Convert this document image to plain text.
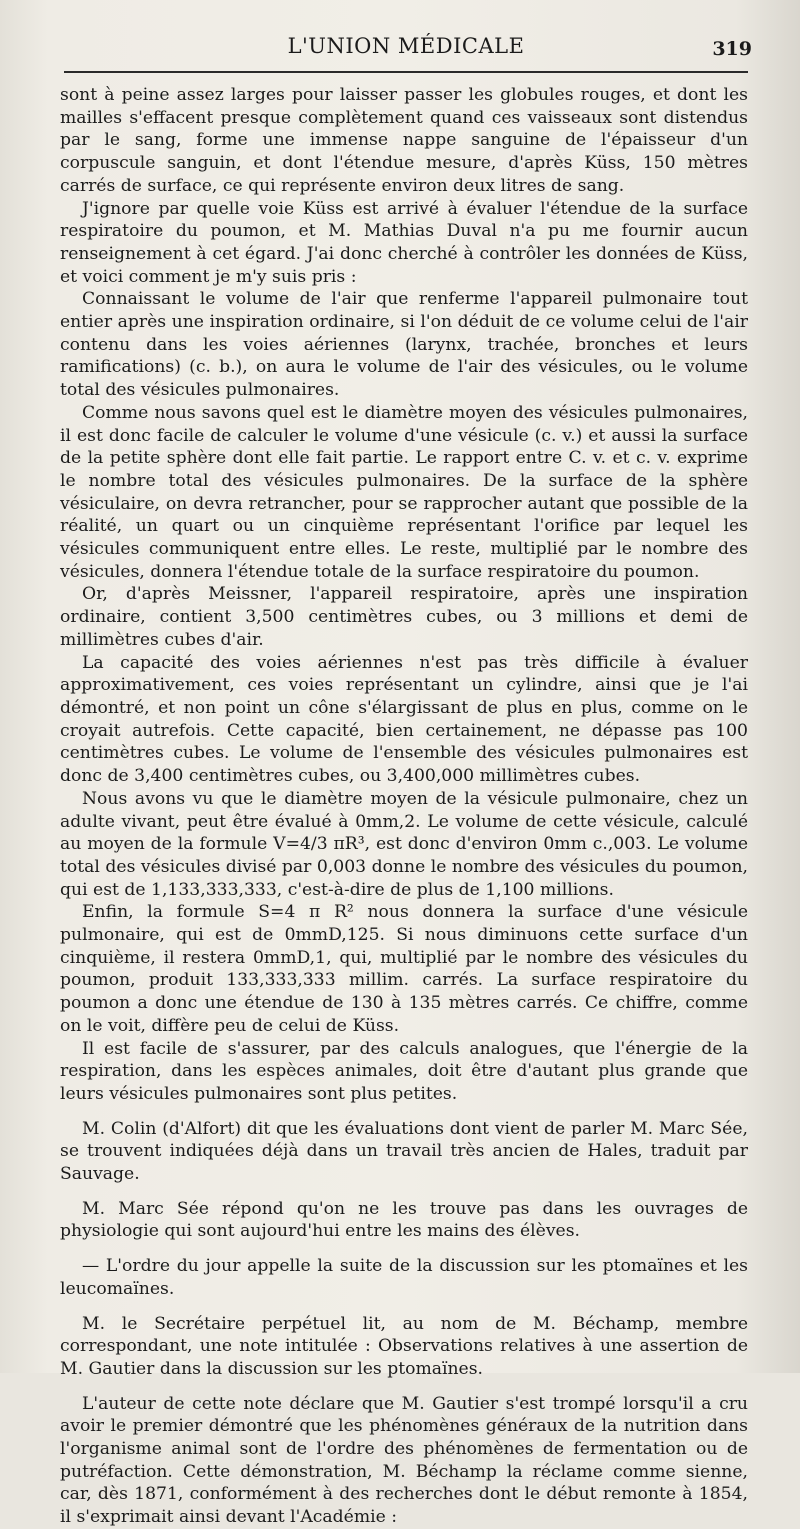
L'UNION MÉDICALE	319

sont à peine assez larges pour laisser passer les globules rouges, et dont les mailles s'effacent presque complètement quand ces vaisseaux sont distendus par le sang, forme une immense nappe sanguine de l'épaisseur d'un corpuscule sanguin, et dont l'étendue mesure, d'après Küss, 150 mètres carrés de surface, ce qui représente environ deux litres de sang.

J'ignore par quelle voie Küss est arrivé à évaluer l'étendue de la surface respiratoire du poumon, et M. Mathias Duval n'a pu me fournir aucun renseignement à cet égard. J'ai donc cherché à contrôler les données de Küss, et voici comment je m'y suis pris :

Connaissant le volume de l'air que renferme l'appareil pulmonaire tout entier après une inspiration ordinaire, si l'on déduit de ce volume celui de l'air contenu dans les voies aériennes (larynx, trachée, bronches et leurs ramifications) (c. b.), on aura le volume de l'air des vésicules, ou le volume total des vésicules pulmonaires.

Comme nous savons quel est le diamètre moyen des vésicules pulmonaires, il est donc facile de calculer le volume d'une vésicule (c. v.) et aussi la surface de la petite sphère dont elle fait partie. Le rapport entre C. v. et c. v. exprime le nombre total des vésicules pulmonaires. De la surface de la sphère vésiculaire, on devra retrancher, pour se rapprocher autant que possible de la réalité, un quart ou un cinquième représentant l'orifice par lequel les vésicules communiquent entre elles. Le reste, multiplié par le nombre des vésicules, donnera l'étendue totale de la surface respiratoire du poumon.

Or, d'après Meissner, l'appareil respiratoire, après une inspiration ordinaire, contient 3,500 centimètres cubes, ou 3 millions et demi de millimètres cubes d'air.

La capacité des voies aériennes n'est pas très difficile à évaluer approximativement, ces voies représentant un cylindre, ainsi que je l'ai démontré, et non point un cône s'élargissant de plus en plus, comme on le croyait autrefois. Cette capacité, bien certainement, ne dépasse pas 100 centimètres cubes. Le volume de l'ensemble des vésicules pulmonaires est donc de 3,400 centimètres cubes, ou 3,400,000 millimètres cubes.

Nous avons vu que le diamètre moyen de la vésicule pulmonaire, chez un adulte vivant, peut être évalué à 0mm,2. Le volume de cette vésicule, calculé au moyen de la formule V=4/3 πR³, est donc d'environ 0mm c.,003. Le volume total des vésicules divisé par 0,003 donne le nombre des vésicules du poumon, qui est de 1,133,333,333, c'est-à-dire de plus de 1,100 millions.

Enfin, la formule S=4 π R² nous donnera la surface d'une vésicule pulmonaire, qui est de 0mmD,125. Si nous diminuons cette surface d'un cinquième, il restera 0mmD,1, qui, multiplié par le nombre des vésicules du poumon, produit 133,333,333 millim. carrés. La surface respiratoire du poumon a donc une étendue de 130 à 135 mètres carrés. Ce chiffre, comme on le voit, diffère peu de celui de Küss.

Il est facile de s'assurer, par des calculs analogues, que l'énergie de la respiration, dans les espèces animales, doit être d'autant plus grande que leurs vésicules pulmonaires sont plus petites.

M. Colin (d'Alfort) dit que les évaluations dont vient de parler M. Marc Sée, se trouvent indiquées déjà dans un travail très ancien de Hales, traduit par Sauvage.

M. Marc Sée répond qu'on ne les trouve pas dans les ouvrages de physiologie qui sont aujourd'hui entre les mains des élèves.

— L'ordre du jour appelle la suite de la discussion sur les ptomaïnes et les leucomaïnes.

M. le Secrétaire perpétuel lit, au nom de M. Béchamp, membre correspondant, une note intitulée : Observations relatives à une assertion de M. Gautier dans la discussion sur les ptomaïnes.

L'auteur de cette note déclare que M. Gautier s'est trompé lorsqu'il a cru avoir le premier démontré que les phénomènes généraux de la nutrition dans l'organisme animal sont de l'ordre des phénomènes de fermentation ou de putréfaction. Cette démonstration, M. Béchamp la réclame comme sienne, car, dès 1871, conformément à des recherches dont le début remonte à 1854, il s'exprimait ainsi devant l'Académie :
